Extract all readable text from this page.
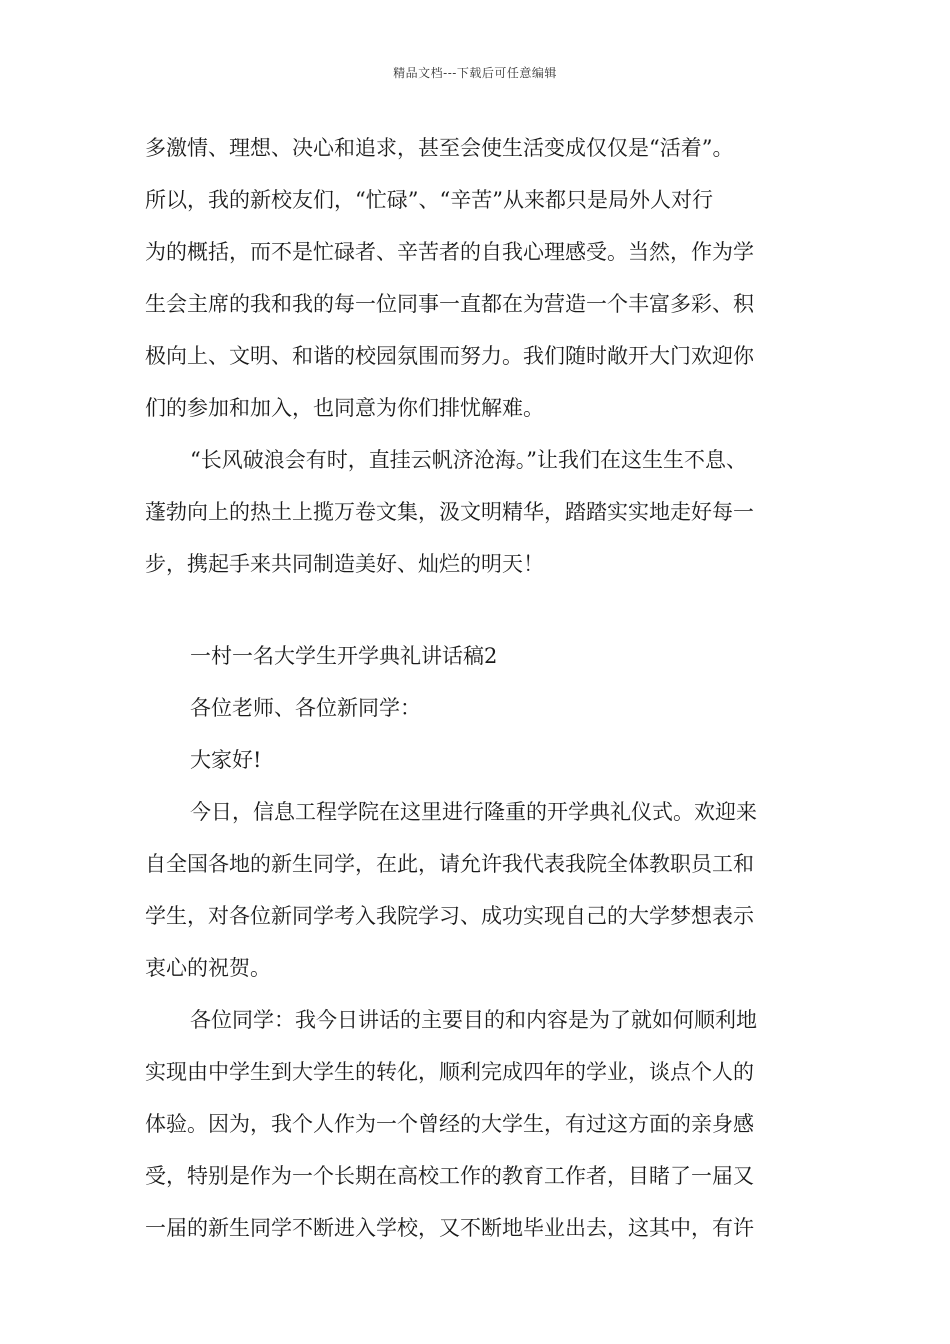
精品文档---下载后可任意编辑
多激情、理想、决心和追求，甚至会使生活变成仅仅是“活着”。
所以，我的新校友们，“忙碌”、“辛苦”从来都只是局外人对行
为的概括，而不是忙碌者、辛苦者的自我心理感受。当然，作为学
生会主席的我和我的每一位同事一直都在为营造一个丰富多彩、积
极向上、文明、和谐的校园氛围而努力。我们随时敞开大门欢迎你
们的参加和加入，也同意为你们排忧解难。
“长风破浪会有时，直挂云帆济沧海。”让我们在这生生不息、
蓬勃向上的热土上揽万卷文集，汲文明精华，踏踏实实地走好每一
步，携起手来共同制造美好、灿烂的明天！
一村一名大学生开学典礼讲话稿2
各位老师、各位新同学：
大家好!
今日，信息工程学院在这里进行隆重的开学典礼仪式。欢迎来
自全国各地的新生同学，在此，请允许我代表我院全体教职员工和
学生，对各位新同学考入我院学习、成功实现自己的大学梦想表示
衷心的祝贺。
各位同学：我今日讲话的主要目的和内容是为了就如何顺利地
实现由中学生到大学生的转化，顺利完成四年的学业，谈点个人的
体验。因为，我个人作为一个曾经的大学生，有过这方面的亲身感
受，特别是作为一个长期在高校工作的教育工作者，目睹了一届又
一届的新生同学不断进入学校，又不断地毕业出去，这其中，有许
